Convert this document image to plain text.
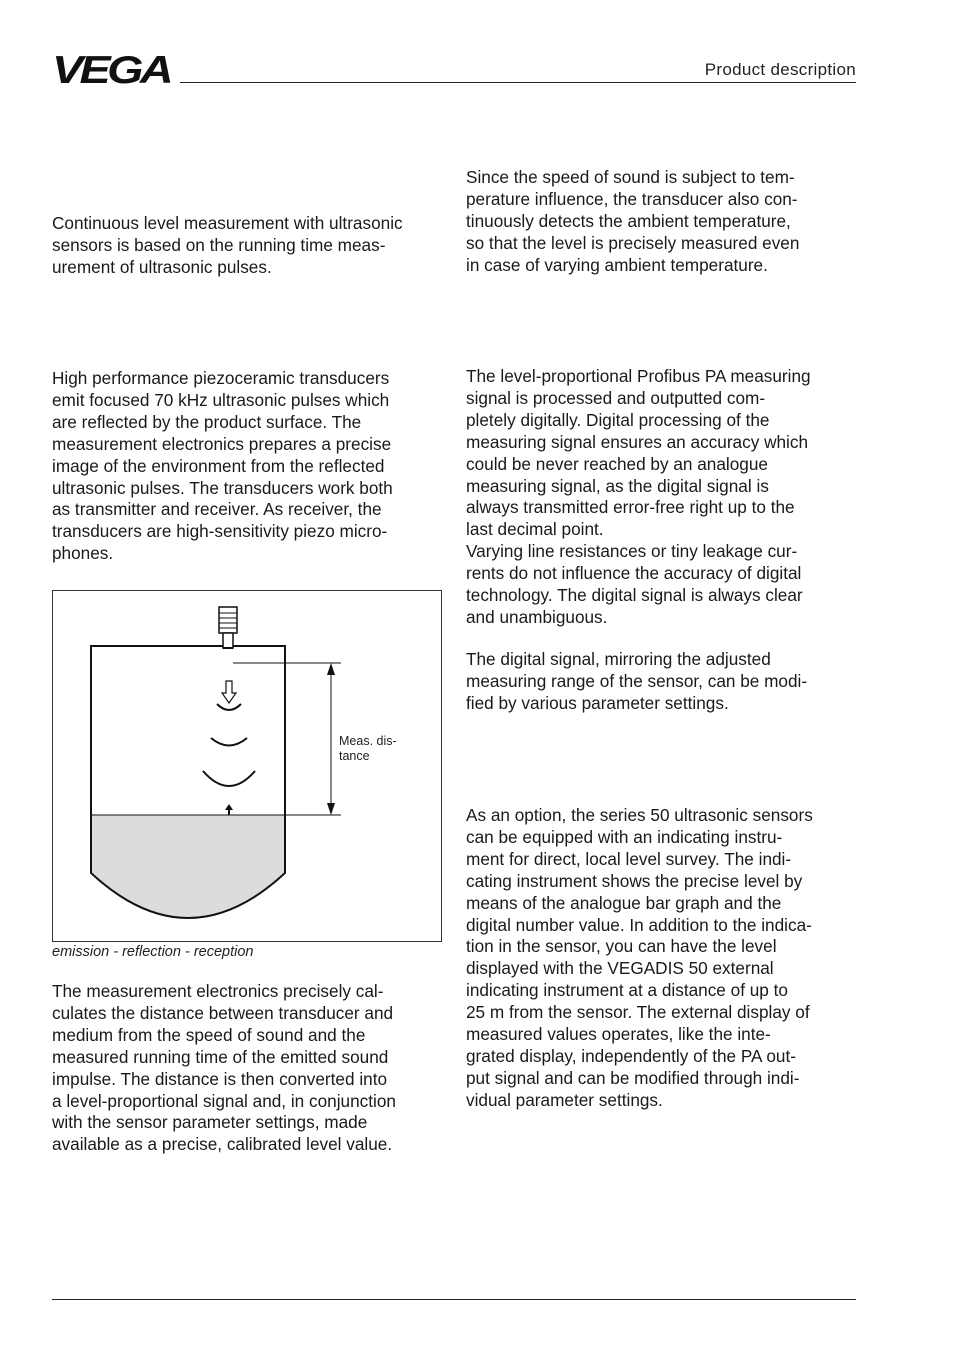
VEGA	Product description

Continuous level measurement with ultrasonic
sensors is based on the running time meas-
urement of ultrasonic pulses.

High performance piezoceramic transducers
emit focused 70 kHz ultrasonic pulses which
are reflected by the product surface. The
measurement electronics prepares a precise
image of the environment from the reflected
ultrasonic pulses. The transducers work both
as transmitter and receiver. As receiver, the
transducers are high-sensitivity piezo micro-
phones.

Meas. dis-
tance
emission - reflection - reception

The measurement electronics precisely cal-
culates the distance between transducer and
medium from the speed of sound and the
measured running time of the emitted sound
impulse. The distance is then converted into
a level-proportional signal and, in conjunction
with the sensor parameter settings, made
available as a precise, calibrated level value.

Since the speed of sound is subject to tem-
perature influence, the transducer also con-
tinuously detects the ambient temperature,
so that the level is precisely measured even
in case of varying ambient temperature.

The level-proportional Profibus PA measuring
signal is processed and outputted com-
pletely digitally. Digital processing of the
measuring signal ensures an accuracy which
could be never reached by an analogue
measuring signal, as the digital signal is
always transmitted error-free right up to the
last decimal point.
Varying line resistances or tiny leakage cur-
rents do not influence the accuracy of digital
technology. The digital signal is always clear
and unambiguous.

The digital signal, mirroring the adjusted
measuring range of the sensor, can be modi-
fied by various parameter settings.

As an option, the series 50 ultrasonic sensors
can be equipped with an indicating instru-
ment for direct, local level survey. The indi-
cating instrument shows the precise level by
means of the analogue bar graph and the
digital number value. In addition to the indica-
tion in the sensor, you can have the level
displayed with the VEGADIS 50 external
indicating instrument at a distance of up to
25 m from the sensor. The external display of
measured values operates, like the inte-
grated display, independently of the PA out-
put signal and can be modified through indi-
vidual parameter settings.
